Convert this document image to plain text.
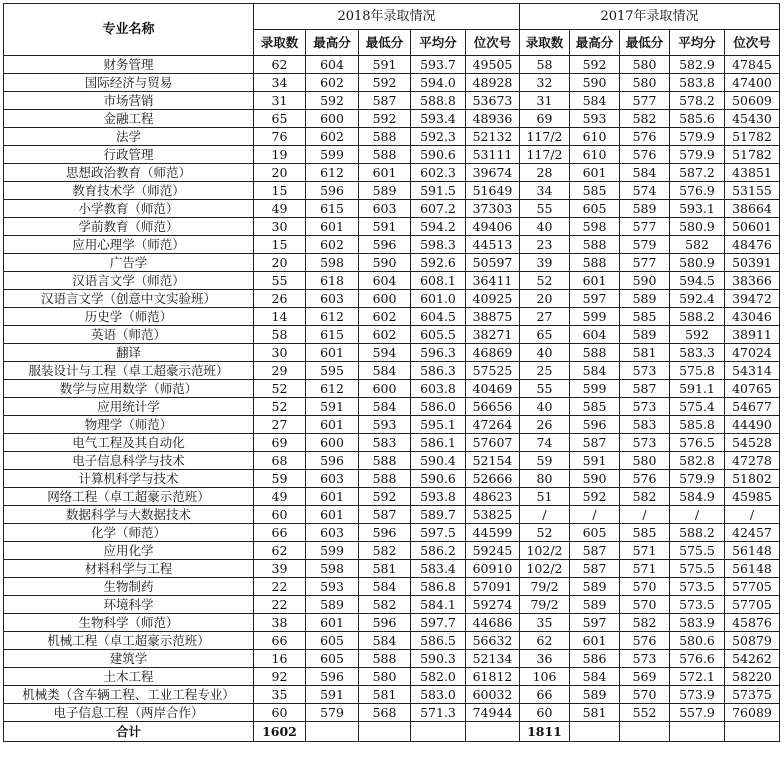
专业名称	2018年录取情况					2017年录取情况				
	录取数	最高分	最低分	平均分	位次号	录取数	最高分	最低分	平均分	位次号
财务管理	62	604	591	593.7	49505	58	592	580	582.9	47845
国际经济与贸易	34	602	592	594.0	48928	32	590	580	583.8	47400
市场营销	31	592	587	588.8	53673	31	584	577	578.2	50609
金融工程	65	600	592	593.4	48936	69	593	582	585.6	45430
法学	76	602	588	592.3	52132	117/2	610	576	579.9	51782
行政管理	19	599	588	590.6	53111	117/2	610	576	579.9	51782
思想政治教育（师范）	20	612	601	602.3	39674	28	601	584	587.2	43851
教育技术学（师范）	15	596	589	591.5	51649	34	585	574	576.9	53155
小学教育（师范）	49	615	603	607.2	37303	55	605	589	593.1	38664
学前教育（师范）	30	601	591	594.2	49406	40	598	577	580.9	50601
应用心理学（师范）	15	602	596	598.3	44513	23	588	579	582	48476
广告学	20	598	590	592.6	50597	39	588	577	580.9	50391
汉语言文学（师范）	55	618	604	608.1	36411	52	601	590	594.5	38366
汉语言文学（创意中文实验班）	26	603	600	601.0	40925	20	597	589	592.4	39472
历史学（师范）	14	612	602	604.5	38875	27	599	585	588.2	43046
英语（师范）	58	615	602	605.5	38271	65	604	589	592	38911
翻译	30	601	594	596.3	46869	40	588	581	583.3	47024
服装设计与工程（卓工超豪示范班）	29	595	584	586.3	57525	25	584	573	575.8	54314
数学与应用数学（师范）	52	612	600	603.8	40469	55	599	587	591.1	40765
应用统计学	52	591	584	586.0	56656	40	585	573	575.4	54677
物理学（师范）	27	601	593	595.1	47264	26	596	583	585.8	44490
电气工程及其自动化	69	600	583	586.1	57607	74	587	573	576.5	54528
电子信息科学与技术	68	596	588	590.4	52154	59	591	580	582.8	47278
计算机科学与技术	59	603	588	590.6	52666	80	590	576	579.9	51802
网络工程（卓工超豪示范班）	49	601	592	593.8	48623	51	592	582	584.9	45985
数据科学与大数据技术	60	601	587	589.7	53825	/	/	/	/	/
化学（师范）	66	603	596	597.5	44599	52	605	585	588.2	42457
应用化学	62	599	582	586.2	59245	102/2	587	571	575.5	56148
材料科学与工程	39	598	581	583.4	60910	102/2	587	571	575.5	56148
生物制药	22	593	584	586.8	57091	79/2	589	570	573.5	57705
环境科学	22	589	582	584.1	59274	79/2	589	570	573.5	57705
生物科学（师范）	38	601	596	597.7	44686	35	597	582	583.9	45876
机械工程（卓工超豪示范班）	66	605	584	586.5	56632	62	601	576	580.6	50879
建筑学	16	605	588	590.3	52134	36	586	573	576.6	54262
土木工程	92	596	580	582.0	61812	106	584	569	572.1	58220
机械类（含车辆工程、工业工程专业）	35	591	581	583.0	60032	66	589	570	573.9	57375
电子信息工程（两岸合作）	60	579	568	571.3	74944	60	581	552	557.9	76089
合计	1602					1811				
